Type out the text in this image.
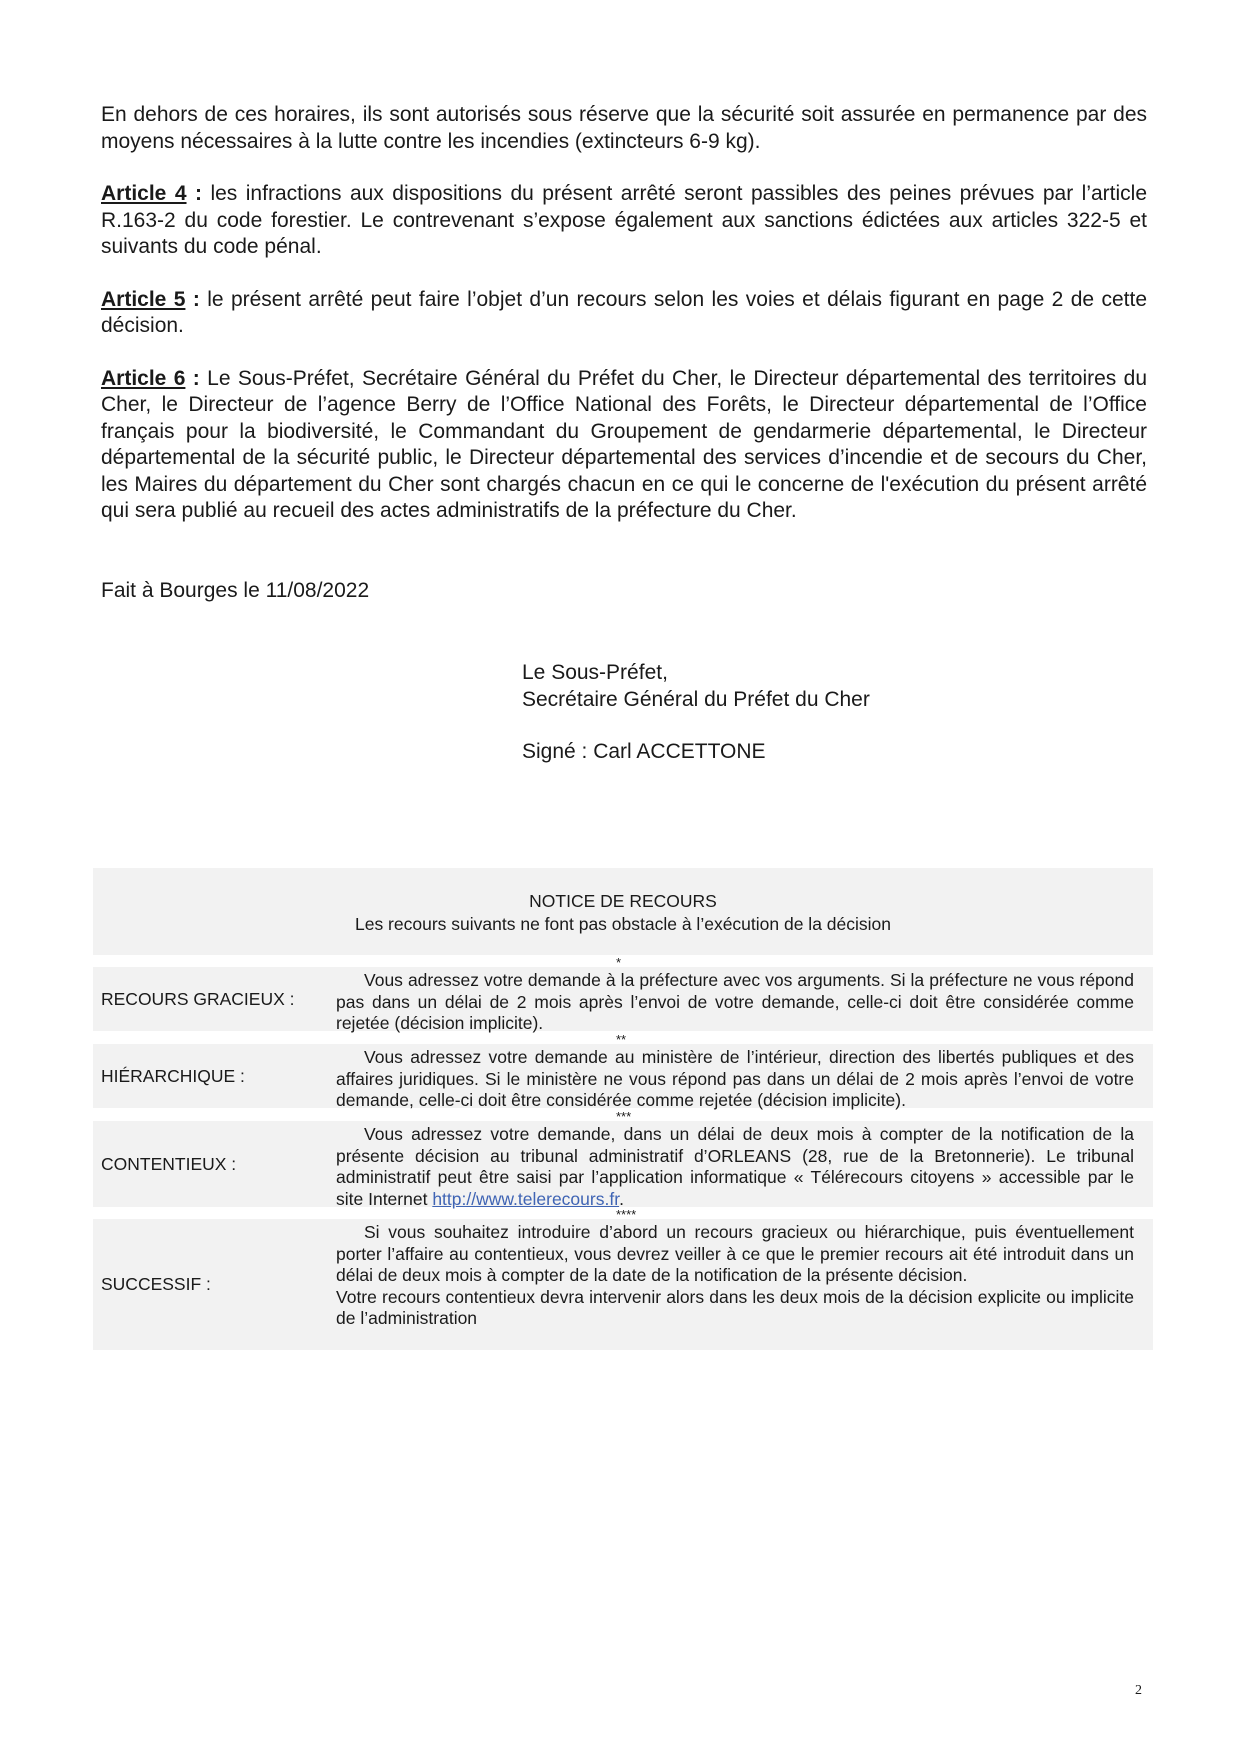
En dehors de ces horaires, ils sont autorisés sous réserve que la sécurité soit assurée en permanence par des moyens nécessaires à la lutte contre les incendies (extincteurs 6-9 kg).

Article 4 : les infractions aux dispositions du présent arrêté seront passibles des peines prévues par l’article R.163-2 du code forestier. Le contrevenant s’expose également aux sanctions édictées aux articles 322-5 et suivants du code pénal.

Article 5 : le présent arrêté peut faire l’objet d’un recours selon les voies et délais figurant en page 2 de cette décision.

Article 6 : Le Sous-Préfet, Secrétaire Général du Préfet du Cher, le Directeur départemental des territoires du Cher, le Directeur de l’agence Berry de l’Office National des Forêts, le Directeur départemental de l’Office français pour la biodiversité, le Commandant du Groupement de gendarmerie départemental, le Directeur départemental de la sécurité public, le Directeur départemental des services d’incendie et de secours du Cher, les Maires du département du Cher sont chargés chacun en ce qui le concerne de l'exécution du présent arrêté qui sera publié au recueil des actes administratifs de la préfecture du Cher.

Fait à Bourges le 11/08/2022

Le Sous-Préfet,

Secrétaire Général du Préfet du Cher

Signé : Carl ACCETTONE

NOTICE DE RECOURS

Les recours suivants ne font pas obstacle à l’exécution de la décision

*
RECOURS GRACIEUX :

Vous adressez votre demande à la préfecture avec vos arguments. Si la préfecture ne vous répond pas dans un délai de 2 mois après l’envoi de votre demande, celle-ci doit être considérée comme rejetée (décision implicite).

**
HIÉRARCHIQUE :

Vous adressez votre demande au ministère de l’intérieur, direction des libertés publiques et des affaires juridiques. Si le ministère ne vous répond pas dans un délai de 2 mois après l’envoi de votre demande, celle-ci doit être considérée comme rejetée (décision implicite).

***
CONTENTIEUX :

Vous adressez votre demande, dans un délai de deux mois à compter de la notification de la présente décision au tribunal administratif d’ORLEANS (28, rue de la Bretonnerie). Le tribunal administratif peut être saisi par l’application informatique « Télérecours citoyens » accessible par le site Internet http://www.telerecours.fr.

****
SUCCESSIF :

Si vous souhaitez introduire d’abord un recours gracieux ou hiérarchique, puis éventuellement porter l’affaire au contentieux, vous devrez veiller à ce que le premier recours ait été introduit dans un délai de deux mois à compter de la date de la notification de la présente décision.

Votre recours contentieux devra intervenir alors dans les deux mois de la décision explicite ou implicite de l’administration

2
